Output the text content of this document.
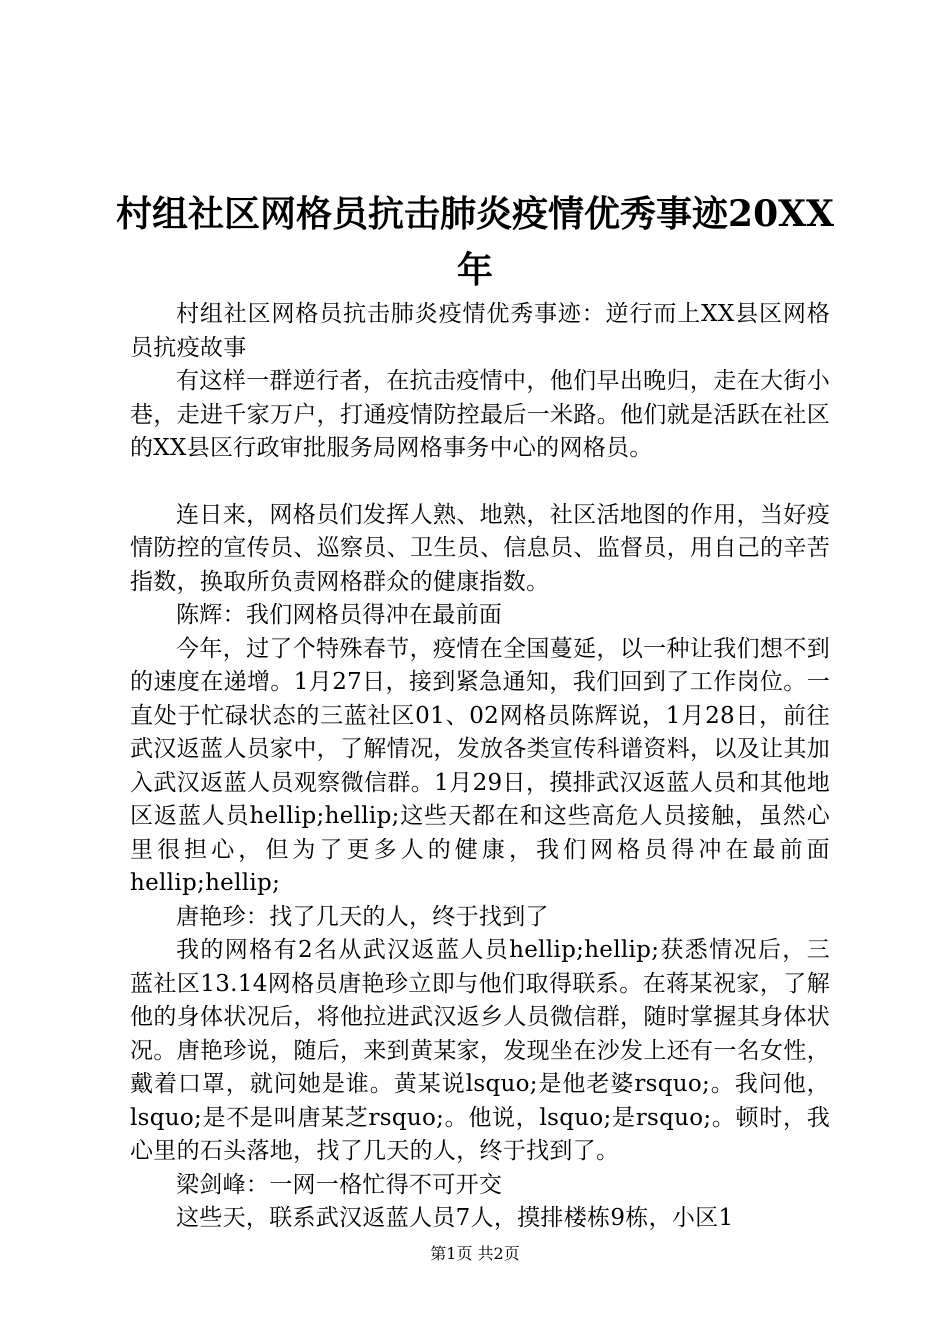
村组社区网格员抗击肺炎疫情优秀事迹20XX
年

村组社区网格员抗击肺炎疫情优秀事迹：逆行而上XX县区网格员抗疫故事

有这样一群逆行者，在抗击疫情中，他们早出晚归，走在大街小巷，走进千家万户，打通疫情防控最后一米路。他们就是活跃在社区的XX县区行政审批服务局网格事务中心的网格员。

连日来，网格员们发挥人熟、地熟，社区活地图的作用，当好疫情防控的宣传员、巡察员、卫生员、信息员、监督员，用自己的辛苦指数，换取所负责网格群众的健康指数。

陈辉：我们网格员得冲在最前面

今年，过了个特殊春节，疫情在全国蔓延，以一种让我们想不到的速度在递增。1月27日，接到紧急通知，我们回到了工作岗位。一直处于忙碌状态的三蓝社区01、02网格员陈辉说，1月28日，前往武汉返蓝人员家中，了解情况，发放各类宣传科谱资料，以及让其加入武汉返蓝人员观察微信群。1月29日，摸排武汉返蓝人员和其他地区返蓝人员hellip;hellip;这些天都在和这些高危人员接触，虽然心里很担心，但为了更多人的健康，我们网格员得冲在最前面hellip;hellip;

唐艳珍：找了几天的人，终于找到了

我的网格有2名从武汉返蓝人员hellip;hellip;获悉情况后，三蓝社区13.14网格员唐艳珍立即与他们取得联系。在蒋某祝家，了解他的身体状况后，将他拉进武汉返乡人员微信群，随时掌握其身体状况。唐艳珍说，随后，来到黄某家，发现坐在沙发上还有一名女性，戴着口罩，就问她是谁。黄某说lsquo;是他老婆rsquo;。我问他，lsquo;是不是叫唐某芝rsquo;。他说，lsquo;是rsquo;。顿时，我心里的石头落地，找了几天的人，终于找到了。

梁剑峰：一网一格忙得不可开交

这些天，联系武汉返蓝人员7人，摸排楼栋9栋，小区1

第1页 共2页
